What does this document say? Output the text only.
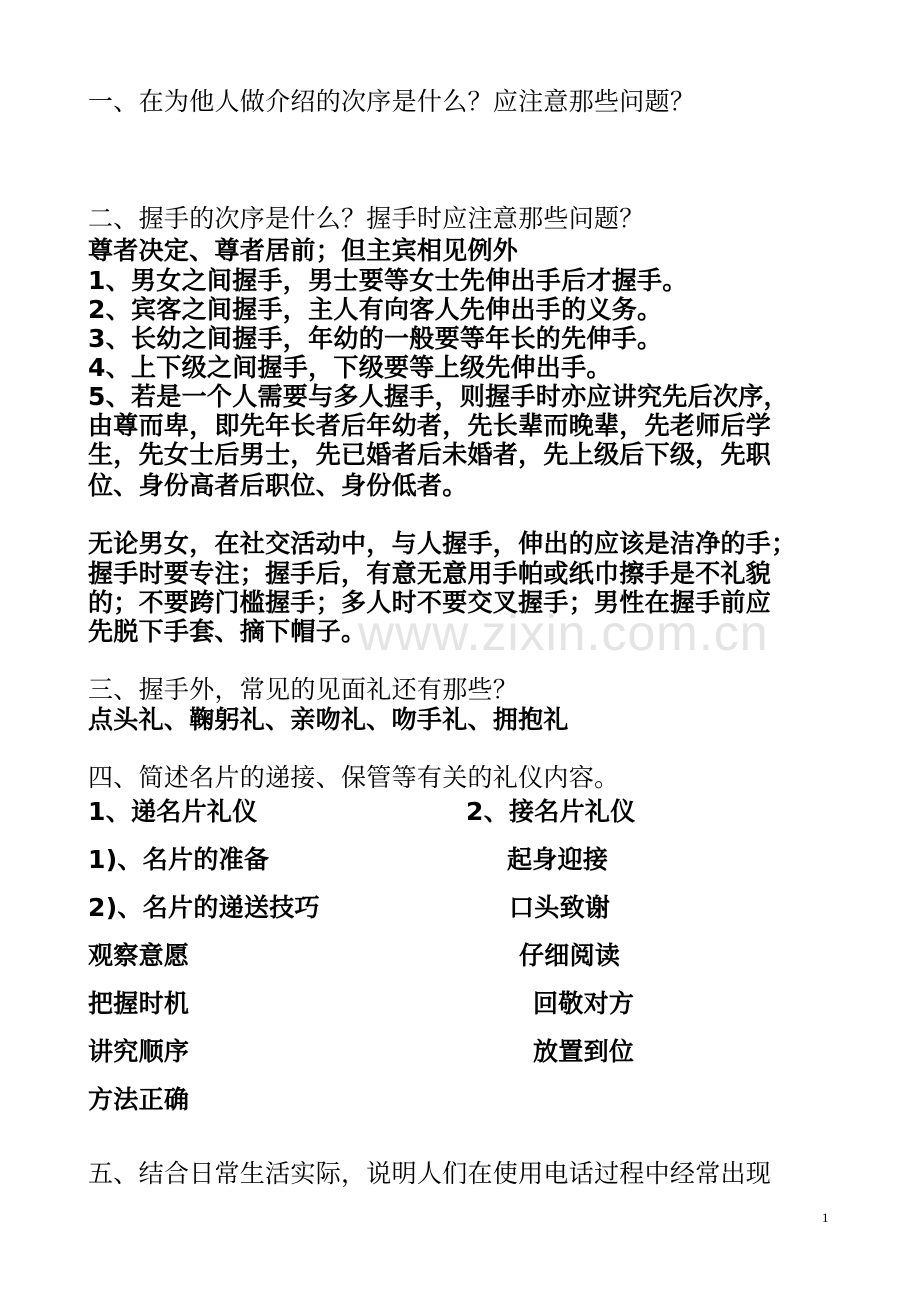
一、在为他人做介绍的次序是什么？应注意那些问题？
二、握手的次序是什么？握手时应注意那些问题？
尊者决定、尊者居前；但主宾相见例外
1、男女之间握手，男士要等女士先伸出手后才握手。
2、宾客之间握手，主人有向客人先伸出手的义务。
3、长幼之间握手，年幼的一般要等年长的先伸手。
4、上下级之间握手，下级要等上级先伸出手。
5、若是一个人需要与多人握手，则握手时亦应讲究先后次序，
由尊而卑，即先年长者后年幼者，先长辈而晚辈，先老师后学
生，先女士后男士，先已婚者后未婚者，先上级后下级，先职
位、身份高者后职位、身份低者。
无论男女，在社交活动中，与人握手，伸出的应该是洁净的手；
握手时要专注；握手后，有意无意用手帕或纸巾擦手是不礼貌
的；不要跨门槛握手；多人时不要交叉握手；男性在握手前应
先脱下手套、摘下帽子。
www.zixin.com.cn
三、握手外，常见的见面礼还有那些？
点头礼、鞠躬礼、亲吻礼、吻手礼、拥抱礼
四、简述名片的递接、保管等有关的礼仪内容。
1、递名片礼仪
1)、名片的准备
2)、名片的递送技巧
观察意愿
把握时机
讲究顺序
方法正确
2、接名片礼仪
起身迎接
口头致谢
仔细阅读
回敬对方
放置到位
五、结合日常生活实际，说明人们在使用电话过程中经常出现
1
